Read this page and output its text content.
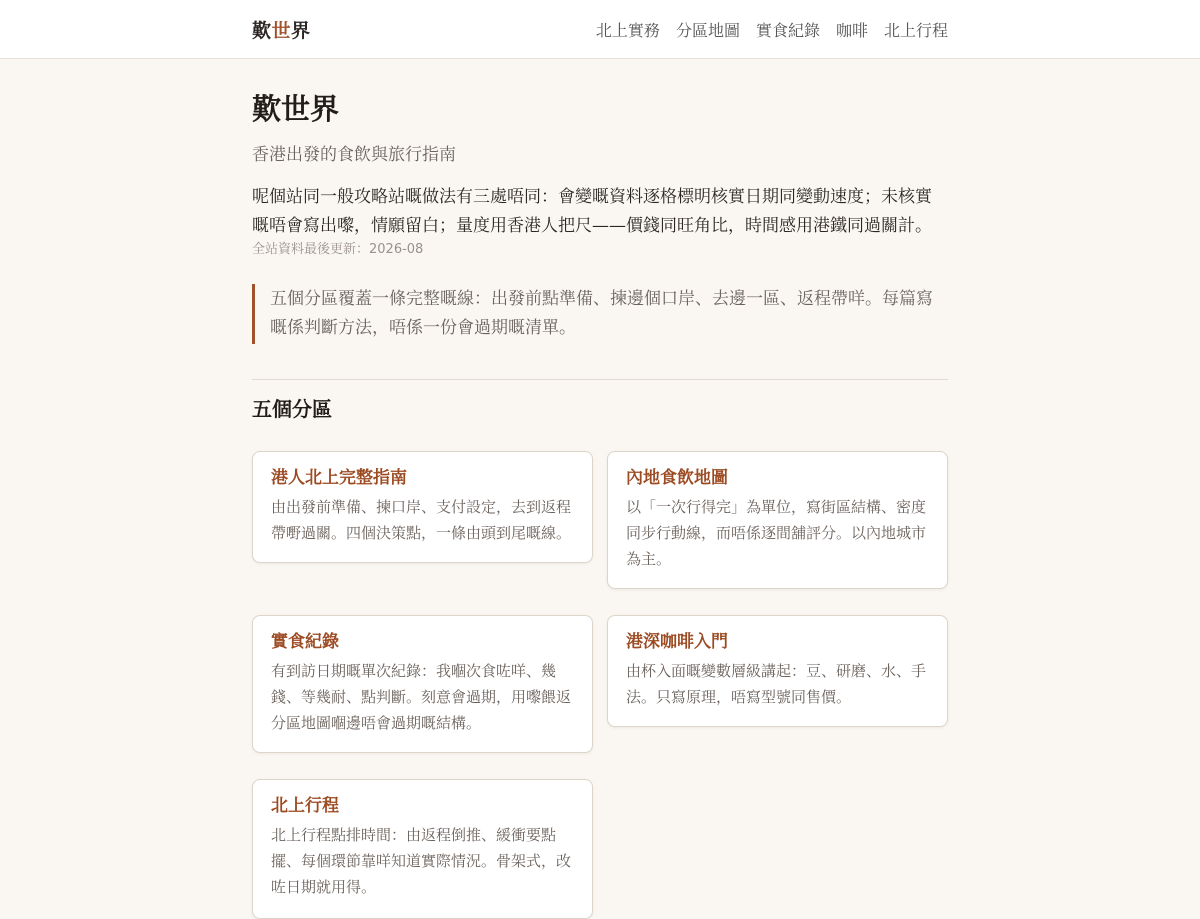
歎世界	北上實務 分區地圖 實食紀錄 咖啡 北上行程
歎世界

香港出發的食飲與旅行指南

呢個站同一般攻略站嘅做法有三處唔同：會變嘅資料逐格標明核實日期同變動速度；未核實嘅唔會寫出嚟，情願留白；量度用香港人把尺——價錢同旺角比，時間感用港鐵同過關計。

全站資料最後更新：2026-08

五個分區覆蓋一條完整嘅線：出發前點準備、揀邊個口岸、去邊一區、返程帶咩。每篇寫嘅係判斷方法，唔係一份會過期嘅清單。
五個分區
港人北上完整指南
由出發前準備、揀口岸、支付設定，去到返程帶嘢過關。四個決策點，一條由頭到尾嘅線。
內地食飲地圖
以「一次行得完」為單位，寫街區結構、密度同步行動線，而唔係逐間舖評分。以內地城市為主。
實食紀錄
有到訪日期嘅單次紀錄：我嗰次食咗咩、幾錢、等幾耐、點判斷。刻意會過期，用嚟餵返分區地圖嗰邊唔會過期嘅結構。
港深咖啡入門
由杯入面嘅變數層級講起：豆、研磨、水、手法。只寫原理，唔寫型號同售價。
北上行程
北上行程點排時間：由返程倒推、緩衝要點擺、每個環節靠咩知道實際情況。骨架式，改咗日期就用得。
